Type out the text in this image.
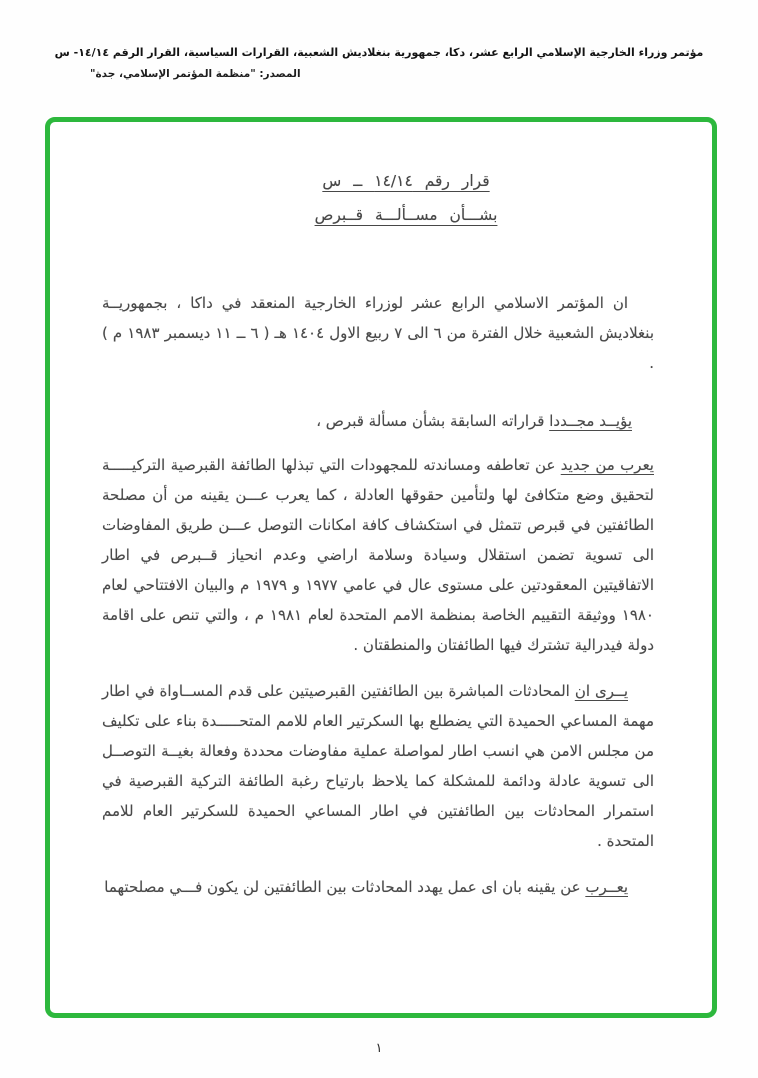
مؤتمر وزراء الخارجية الإسلامي الرابع عشر، دكا، جمهورية بنغلاديش الشعبية، القرارات السياسية، القرار الرقم ١٤/١٤- س
المصدر: "منظمة المؤتمر الإسلامي، جدة"
قرار رقم ١٤/١٤ ــ س
بشـــأن مســألـــة قــبرص

ان المؤتمر الاسلامي الرابع عشر لوزراء الخارجية المنعقد في داكا ، بجمهوريــة بنغلاديش الشعبية خلال الفترة من ٦ الى ٧ ربيع الاول ١٤٠٤ هـ ( ٦ ــ ١١ ديسمبر ١٩٨٣ م ) .

يؤيــد مجــددا قراراته السابقة بشأن مسألة قبرص ،

يعرب من جديد عن تعاطفه ومساندته للمجهودات التي تبذلها الطائفة القبرصية التركيـــــة لتحقيق وضع متكافئ لها ولتأمين حقوقها العادلة ، كما يعرب عـــن يقينه من أن مصلحة الطائفتين في قبرص تتمثل في استكشاف كافة امكانات التوصل عـــن طريق المفاوضات الى تسوية تضمن استقلال وسيادة وسلامة اراضي وعدم انحياز قــبرص في اطار الاتفاقيتين المعقودتين على مستوى عال في عامي ١٩٧٧ و ١٩٧٩ م والبيان الافتتاحي لعام ١٩٨٠ ووثيقة التقييم الخاصة بمنظمة الامم المتحدة لعام ١٩٨١ م ، والتي تنص على اقامة دولة فيدرالية تشترك فيها الطائفتان والمنطقتان .

يــرى ان المحادثات المباشرة بين الطائفتين القبرصيتين على قدم المســاواة في اطار مهمة المساعي الحميدة التي يضطلع بها السكرتير العام للامم المتحـــــدة بناء على تكليف من مجلس الامن هي انسب اطار لمواصلة عملية مفاوضات محددة وفعالة بغيــة التوصــل الى تسوية عادلة ودائمة للمشكلة كما يلاحظ بارتياح رغبة الطائفة التركية القبرصية في استمرار المحادثات بين الطائفتين في اطار المساعي الحميدة للسكرتير العام للامم المتحدة .

يعــرب عن يقينه بان اى عمل يهدد المحادثات بين الطائفتين لن يكون فـــي مصلحتهما

١
